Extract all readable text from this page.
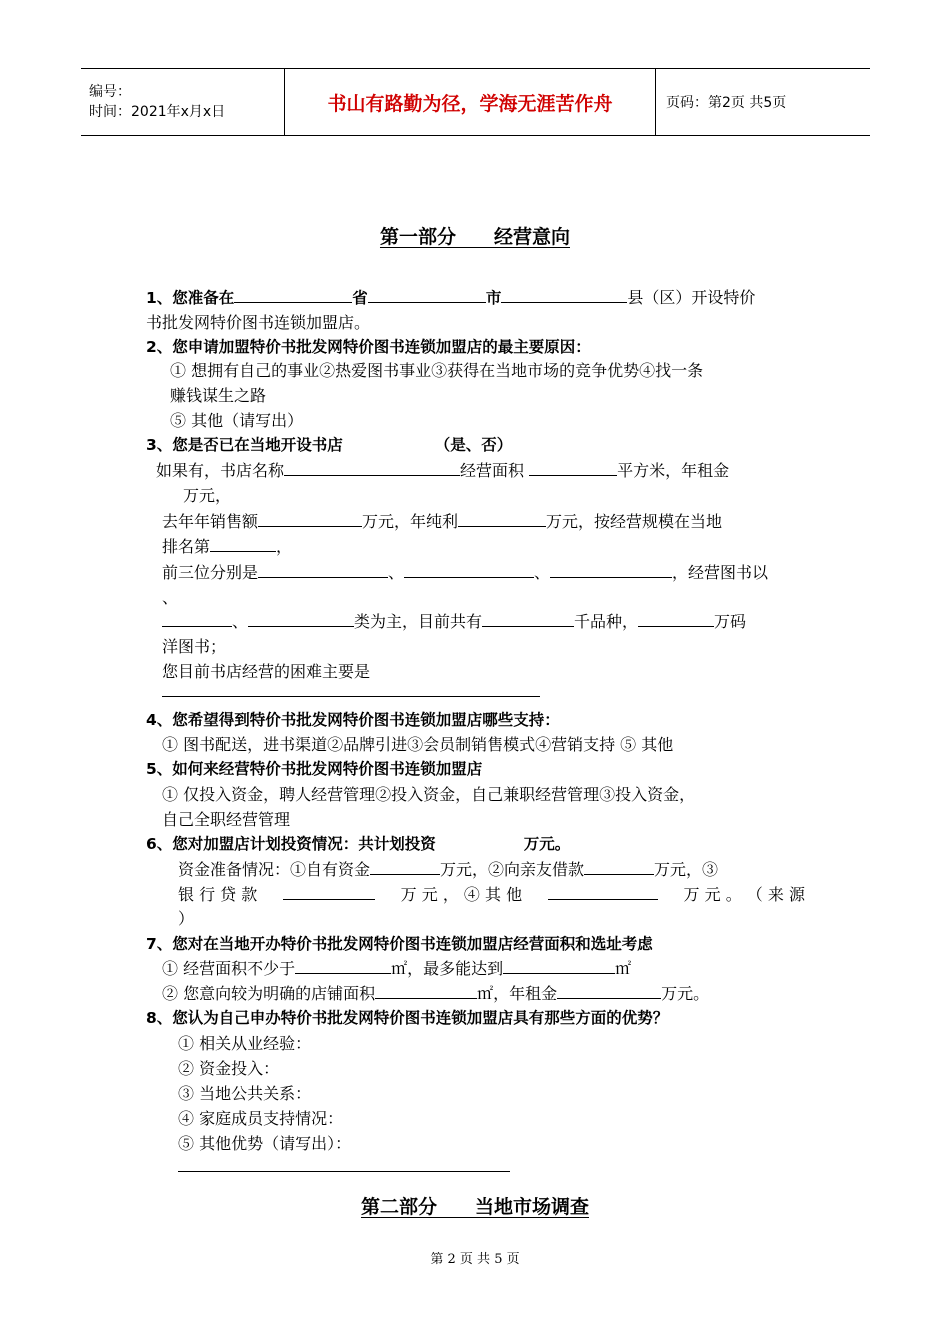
编号：
时间：2021年x月x日	书山有路勤为径，学海无涯苦作舟	页码：第2页 共5页
第一部分　　经营意向
1、您准备在	省	市	县（区）开设特价
书批发网特价图书连锁加盟店。
2、您申请加盟特价书批发网特价图书连锁加盟店的最主要原因：
① 想拥有自己的事业②热爱图书事业③获得在当地市场的竞争优势④找一条
赚钱谋生之路
⑤ 其他（请写出）
3、您是否已在当地开设书店	（是、否）
如果有，书店名称	经营面积	平方米，年租金
万元，
去年年销售额	万元，年纯利	万元，按经营规模在当地
排名第	，
前三位分别是	、	、	，经营图书以
、
、	类为主，目前共有	千品种，	万码
洋图书；
您目前书店经营的困难主要是
4、您希望得到特价书批发网特价图书连锁加盟店哪些支持：
① 图书配送，进书渠道②品牌引进③会员制销售模式④营销支持 ⑤ 其他
5、如何来经营特价书批发网特价图书连锁加盟店
① 仅投入资金，聘人经营管理②投入资金，自己兼职经营管理③投入资金，
自己全职经营管理
6、您对加盟店计划投资情况：共计划投资	万元。
资金准备情况：①自有资金	万元，②向亲友借款	万元，③
银 行 贷 款	万 元 ， ④ 其 他	万 元 。 （ 来 源
）
7、您对在当地开办特价书批发网特价图书连锁加盟店经营面积和选址考虑
① 经营面积不少于	㎡，最多能达到	㎡
② 您意向较为明确的店铺面积	㎡，年租金	万元。
8、您认为自己申办特价书批发网特价图书连锁加盟店具有那些方面的优势？
① 相关从业经验：
② 资金投入：
③ 当地公共关系：
④ 家庭成员支持情况：
⑤ 其他优势（请写出）：
第二部分　　当地市场调查
第 2 页 共 5 页
